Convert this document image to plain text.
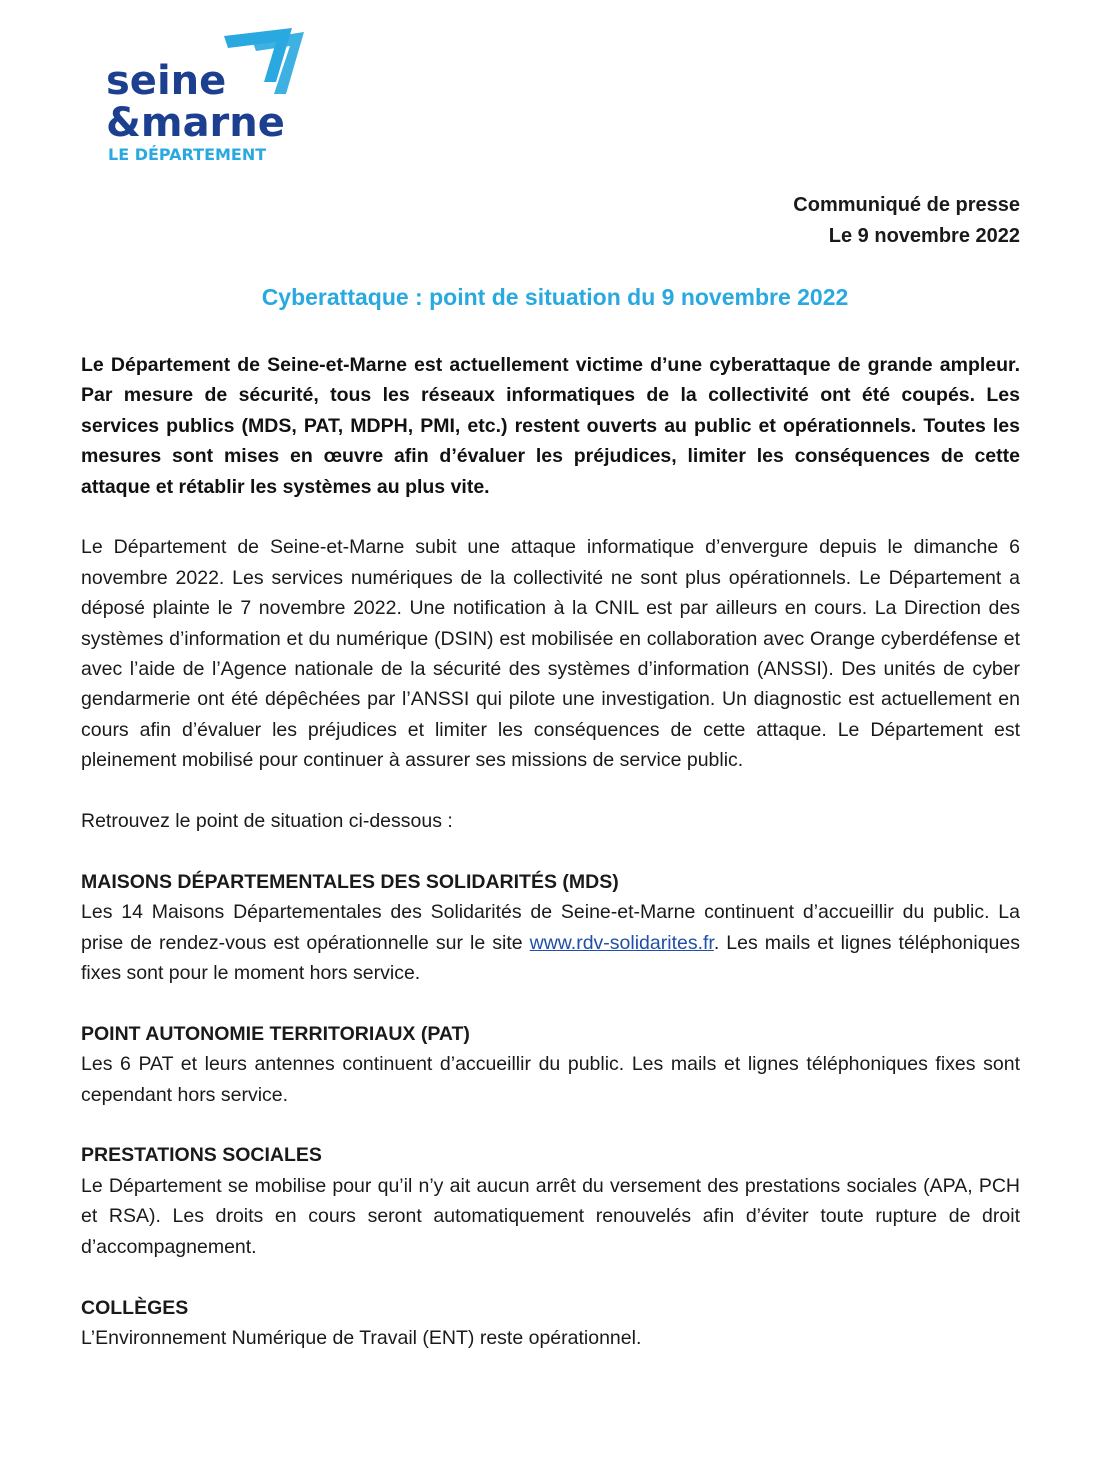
seine
&marne
LE DÉPARTEMENT
Communiqué de presse
Le 9 novembre 2022
Cyberattaque : point de situation du 9 novembre 2022

Le Département de Seine-et-Marne est actuellement victime d’une cyberattaque de grande ampleur. Par mesure de sécurité, tous les réseaux informatiques de la collectivité ont été coupés. Les services publics (MDS, PAT, MDPH, PMI, etc.) restent ouverts au public et opérationnels. Toutes les mesures sont mises en œuvre afin d’évaluer les préjudices, limiter les conséquences de cette attaque et rétablir les systèmes au plus vite.

Le Département de Seine-et-Marne subit une attaque informatique d’envergure depuis le dimanche 6 novembre 2022. Les services numériques de la collectivité ne sont plus opérationnels. Le Département a déposé plainte le 7 novembre 2022. Une notification à la CNIL est par ailleurs en cours. La Direction des systèmes d’information et du numérique (DSIN) est mobilisée en collaboration avec Orange cyberdéfense et avec l’aide de l’Agence nationale de la sécurité des systèmes d’information (ANSSI). Des unités de cyber gendarmerie ont été dépêchées par l’ANSSI qui pilote une investigation. Un diagnostic est actuellement en cours afin d’évaluer les préjudices et limiter les conséquences de cette attaque. Le Département est pleinement mobilisé pour continuer à assurer ses missions de service public.

Retrouvez le point de situation ci-dessous :

MAISONS DÉPARTEMENTALES DES SOLIDARITÉS (MDS)

Les 14 Maisons Départementales des Solidarités de Seine-et-Marne continuent d’accueillir du public. La prise de rendez-vous est opérationnelle sur le site www.rdv-solidarites.fr. Les mails et lignes téléphoniques fixes sont pour le moment hors service.

POINT AUTONOMIE TERRITORIAUX (PAT)

Les 6 PAT et leurs antennes continuent d’accueillir du public. Les mails et lignes téléphoniques fixes sont cependant hors service.

PRESTATIONS SOCIALES

Le Département se mobilise pour qu’il n’y ait aucun arrêt du versement des prestations sociales (APA, PCH et RSA). Les droits en cours seront automatiquement renouvelés afin d’éviter toute rupture de droit d’accompagnement.

COLLÈGES

L’Environnement Numérique de Travail (ENT) reste opérationnel.
